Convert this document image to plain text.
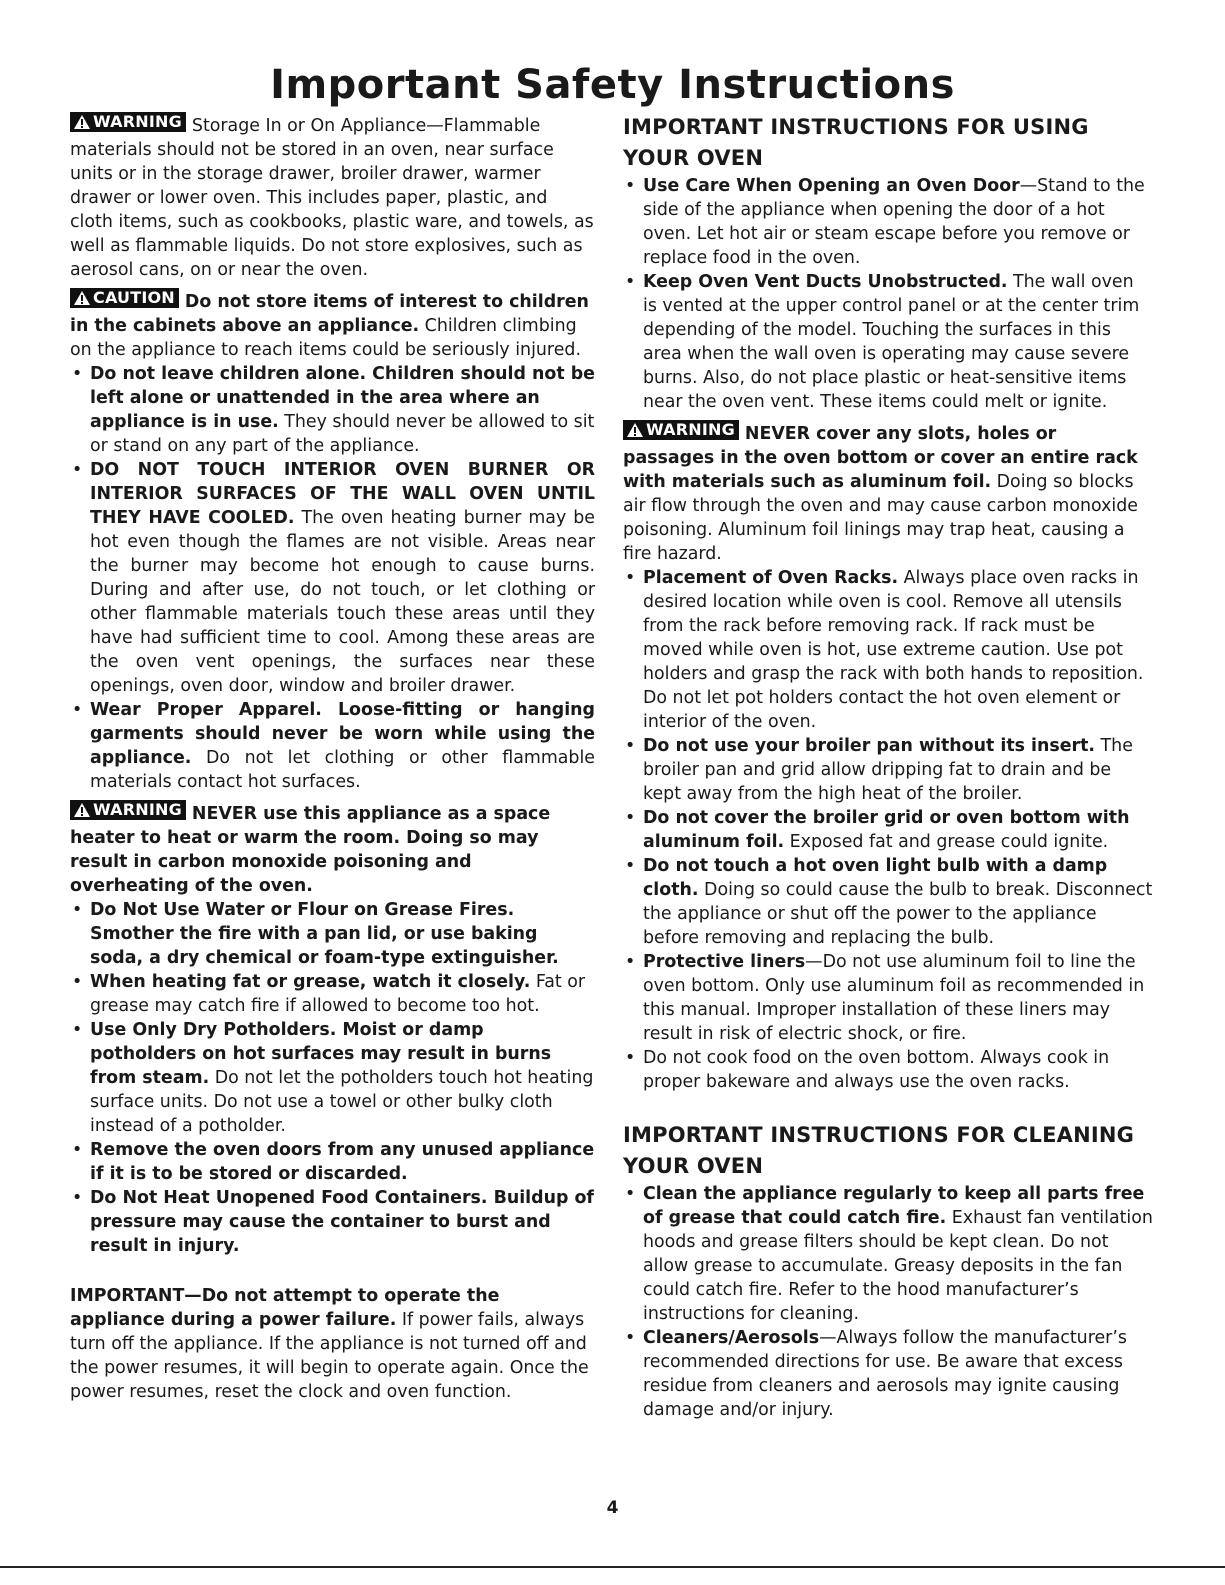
Important Safety Instructions

WARNING Storage In or On Appliance—Flammable materials should not be stored in an oven, near surface units or in the storage drawer, broiler drawer, warmer drawer or lower oven. This includes paper, plastic, and cloth items, such as cookbooks, plastic ware, and towels, as well as flammable liquids. Do not store explosives, such as aerosol cans, on or near the oven.

CAUTION Do not store items of interest to children in the cabinets above an appliance. Children climbing on the appliance to reach items could be seriously injured.

• Do not leave children alone. Children should not be left alone or unattended in the area where an appliance is in use. They should never be allowed to sit or stand on any part of the appliance.
• DO NOT TOUCH INTERIOR OVEN BURNER OR INTERIOR SURFACES OF THE WALL OVEN UNTIL THEY HAVE COOLED. The oven heating burner may be hot even though the flames are not visible. Areas near the burner may become hot enough to cause burns. During and after use, do not touch, or let clothing or other flammable materials touch these areas until they have had sufficient time to cool. Among these areas are the oven vent openings, the surfaces near these openings, oven door, window and broiler drawer.
• Wear Proper Apparel. Loose-fitting or hanging garments should never be worn while using the appliance. Do not let clothing or other flammable materials contact hot surfaces.

WARNING NEVER use this appliance as a space heater to heat or warm the room. Doing so may result in carbon monoxide poisoning and overheating of the oven.

• Do Not Use Water or Flour on Grease Fires. Smother the fire with a pan lid, or use baking soda, a dry chemical or foam-type extinguisher.
• When heating fat or grease, watch it closely. Fat or grease may catch fire if allowed to become too hot.
• Use Only Dry Potholders. Moist or damp potholders on hot surfaces may result in burns from steam. Do not let the potholders touch hot heating surface units. Do not use a towel or other bulky cloth instead of a potholder.
• Remove the oven doors from any unused appliance if it is to be stored or discarded.
• Do Not Heat Unopened Food Containers. Buildup of pressure may cause the container to burst and result in injury.

IMPORTANT—Do not attempt to operate the appliance during a power failure. If power fails, always turn off the appliance. If the appliance is not turned off and the power resumes, it will begin to operate again. Once the power resumes, reset the clock and oven function.

IMPORTANT INSTRUCTIONS FOR USING YOUR OVEN
• Use Care When Opening an Oven Door—Stand to the side of the appliance when opening the door of a hot oven. Let hot air or steam escape before you remove or replace food in the oven.
• Keep Oven Vent Ducts Unobstructed. The wall oven is vented at the upper control panel or at the center trim depending of the model. Touching the surfaces in this area when the wall oven is operating may cause severe burns. Also, do not place plastic or heat-sensitive items near the oven vent. These items could melt or ignite.

WARNING NEVER cover any slots, holes or passages in the oven bottom or cover an entire rack with materials such as aluminum foil. Doing so blocks air flow through the oven and may cause carbon monoxide poisoning. Aluminum foil linings may trap heat, causing a fire hazard.

• Placement of Oven Racks. Always place oven racks in desired location while oven is cool. Remove all utensils from the rack before removing rack. If rack must be moved while oven is hot, use extreme caution. Use pot holders and grasp the rack with both hands to reposition. Do not let pot holders contact the hot oven element or interior of the oven.
• Do not use your broiler pan without its insert. The broiler pan and grid allow dripping fat to drain and be kept away from the high heat of the broiler.
• Do not cover the broiler grid or oven bottom with aluminum foil. Exposed fat and grease could ignite.
• Do not touch a hot oven light bulb with a damp cloth. Doing so could cause the bulb to break. Disconnect the appliance or shut off the power to the appliance before removing and replacing the bulb.
• Protective liners—Do not use aluminum foil to line the oven bottom. Only use aluminum foil as recommended in this manual. Improper installation of these liners may result in risk of electric shock, or fire.
• Do not cook food on the oven bottom. Always cook in proper bakeware and always use the oven racks.
IMPORTANT INSTRUCTIONS FOR CLEANING YOUR OVEN
• Clean the appliance regularly to keep all parts free of grease that could catch fire. Exhaust fan ventilation hoods and grease filters should be kept clean. Do not allow grease to accumulate. Greasy deposits in the fan could catch fire. Refer to the hood manufacturer’s instructions for cleaning.
• Cleaners/Aerosols—Always follow the manufacturer’s recommended directions for use. Be aware that excess residue from cleaners and aerosols may ignite causing damage and/or injury.
4
